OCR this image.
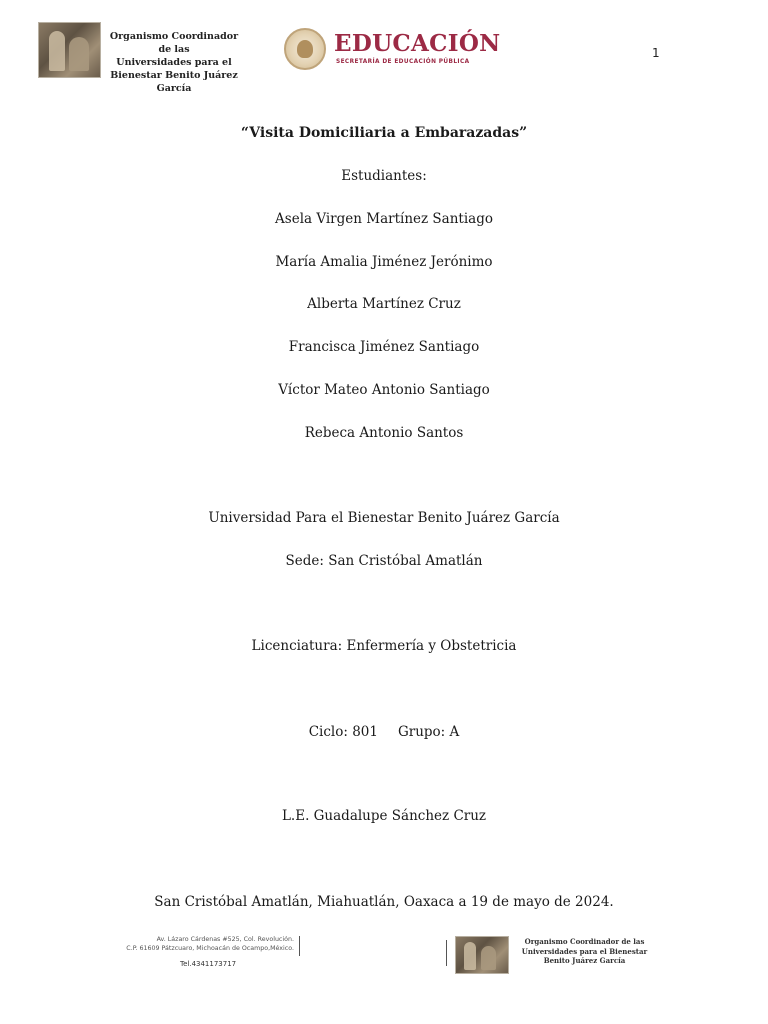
Organismo Coordinador de las
Universidades para el
Bienestar Benito Juárez García
EDUCACIÓN
SECRETARÍA DE EDUCACIÓN PÚBLICA
1
“Visita Domiciliaria a Embarazadas”
Estudiantes:
Asela Virgen Martínez Santiago
María Amalia Jiménez Jerónimo
Alberta Martínez Cruz
Francisca Jiménez Santiago
Víctor Mateo Antonio Santiago
Rebeca Antonio Santos
Universidad Para el Bienestar Benito Juárez García
Sede: San Cristóbal Amatlán
Licenciatura: Enfermería y Obstetricia
Ciclo: 801 Grupo: A
L.E. Guadalupe Sánchez Cruz
San Cristóbal Amatlán, Miahuatlán, Oaxaca a 19 de mayo de 2024.
Av. Lázaro Cárdenas #525, Col. Revolución.
C.P. 61609 Pátzcuaro, Michoacán de Ocampo,México.
Tel.4341173717
Organismo Coordinador de las
Universidades para el Bienestar
Benito Juárez García
